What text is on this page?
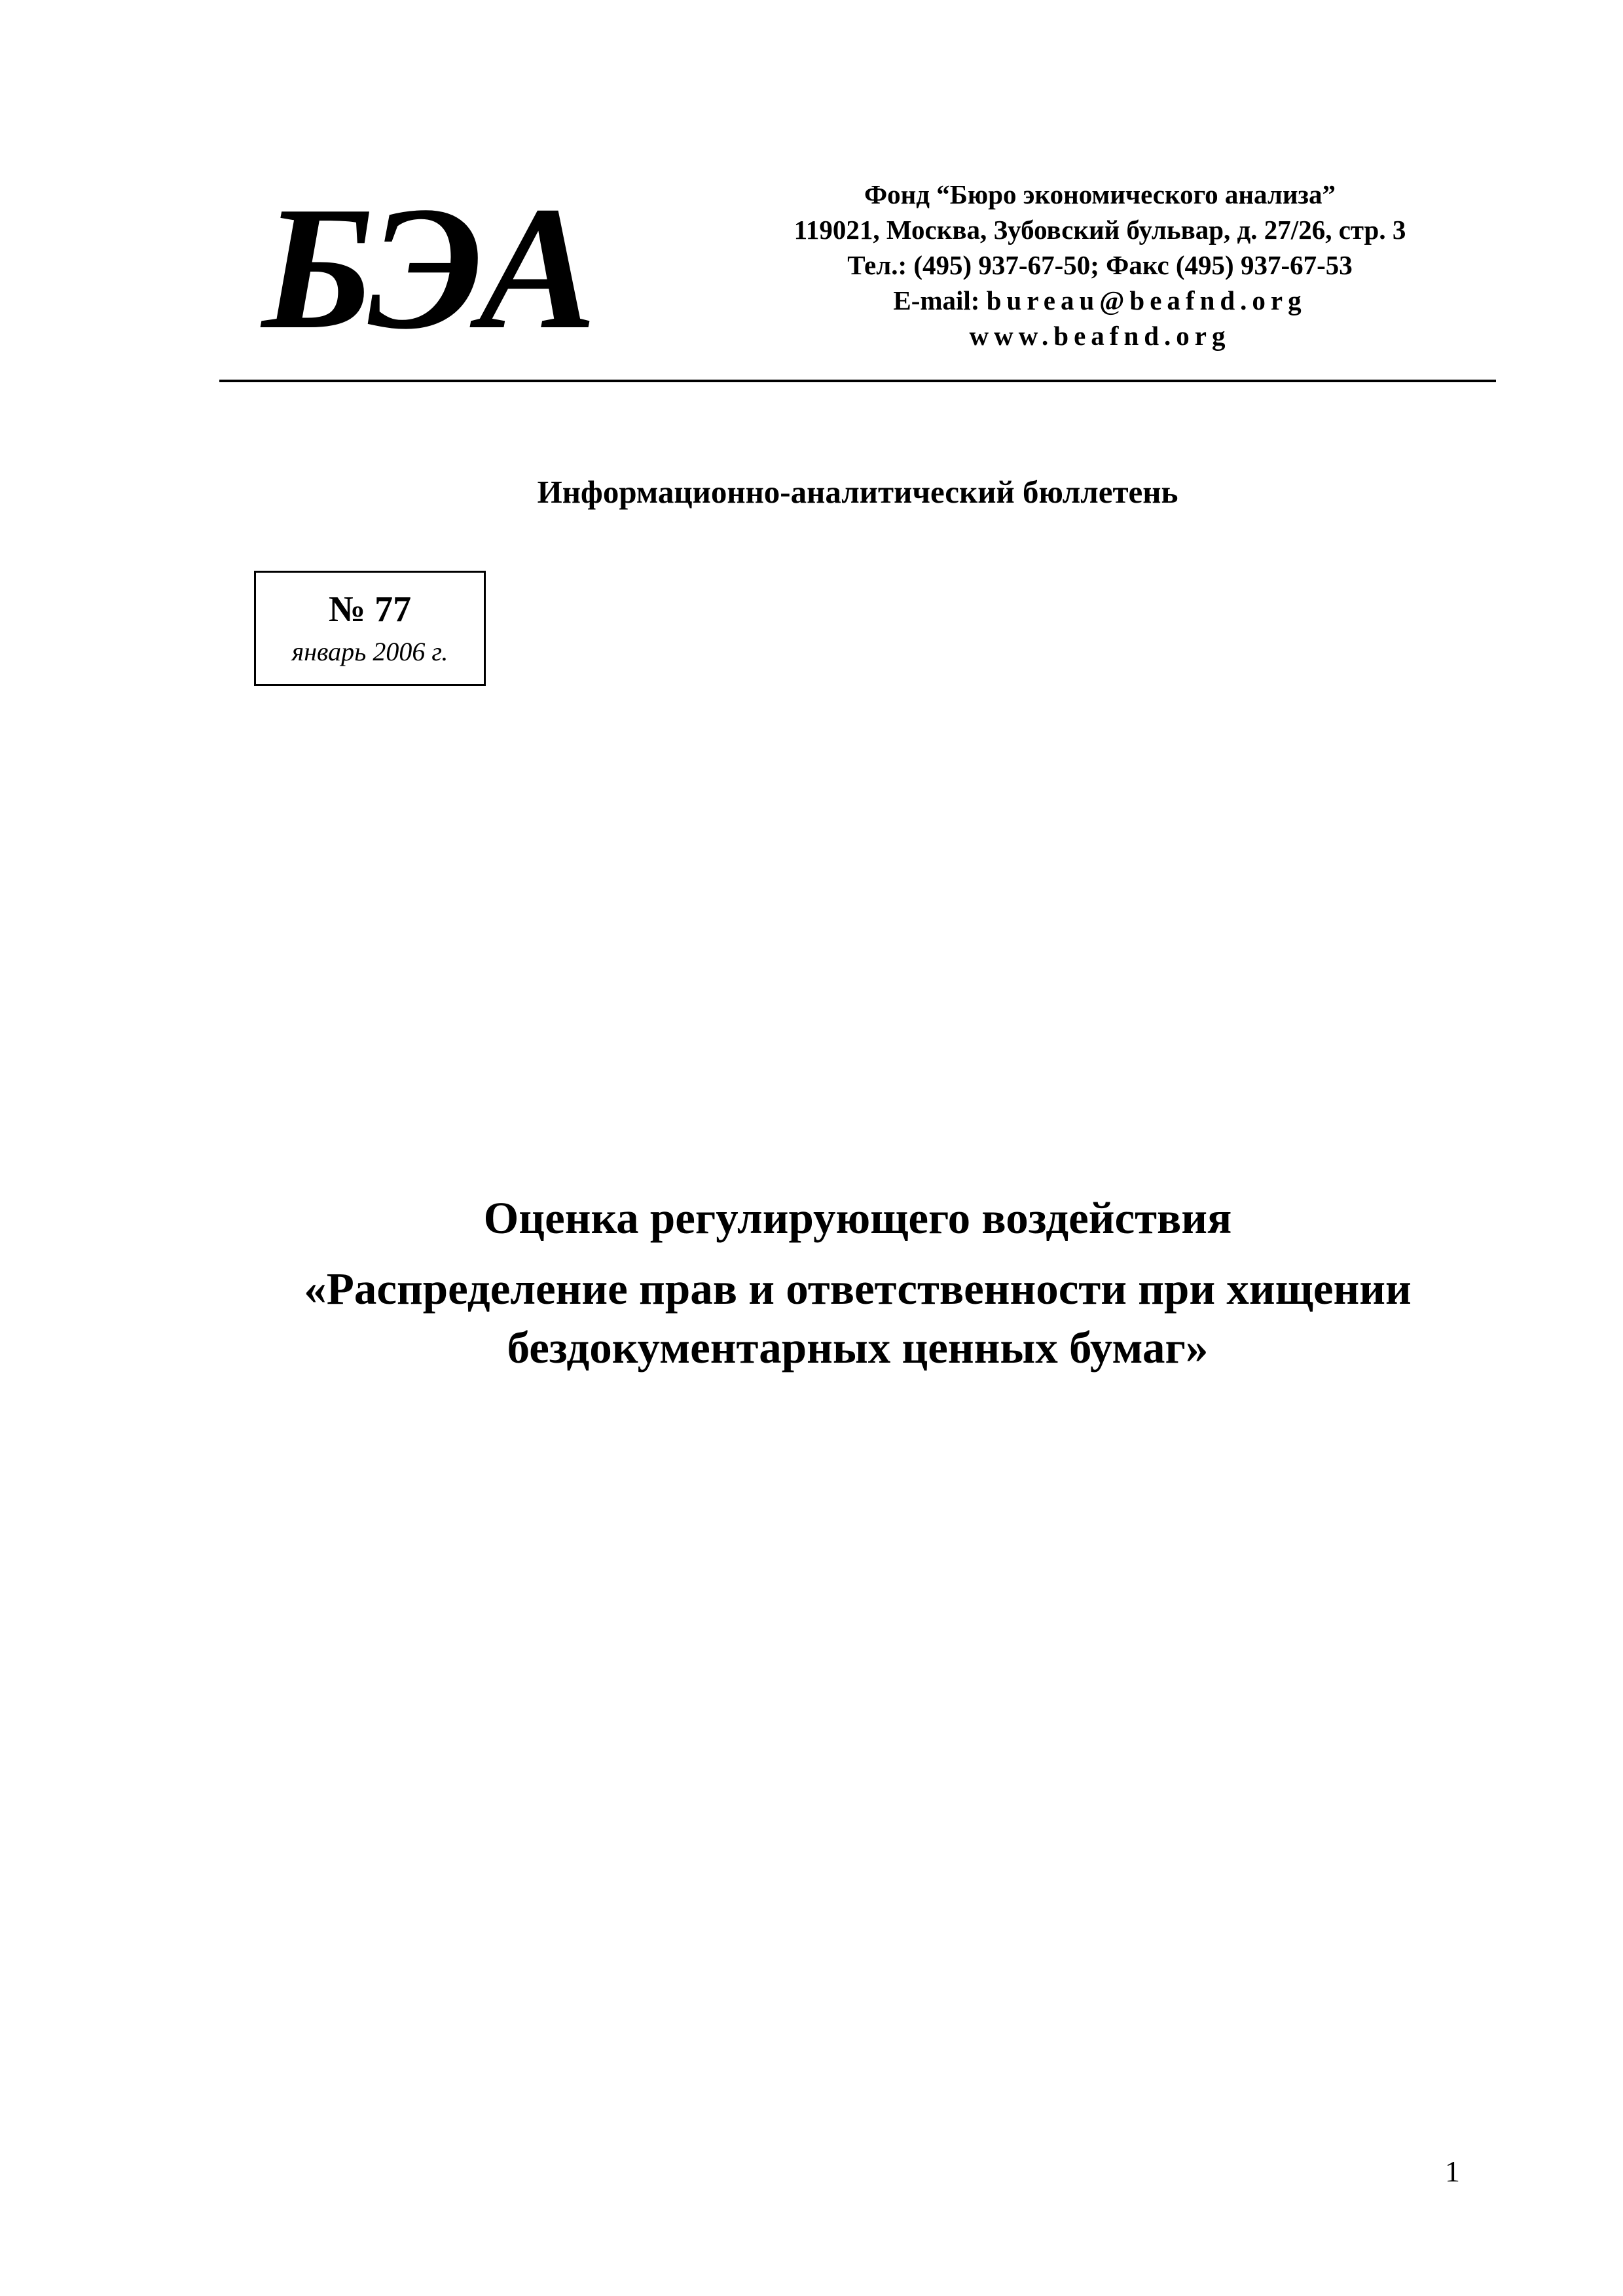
БЭА	Фонд “Бюро экономического анализа”
119021, Москва, Зубовский бульвар, д. 27/26, стр. 3
Тел.: (495) 937-67-50; Факс (495) 937-67-53
E-mail: bureau@beafnd.org
www.beafnd.org
Информационно-аналитический бюллетень
№ 77
январь 2006 г.
Оценка регулирующего воздействия
«Распределение прав и ответственности при хищении бездокументарных ценных бумаг»
1
